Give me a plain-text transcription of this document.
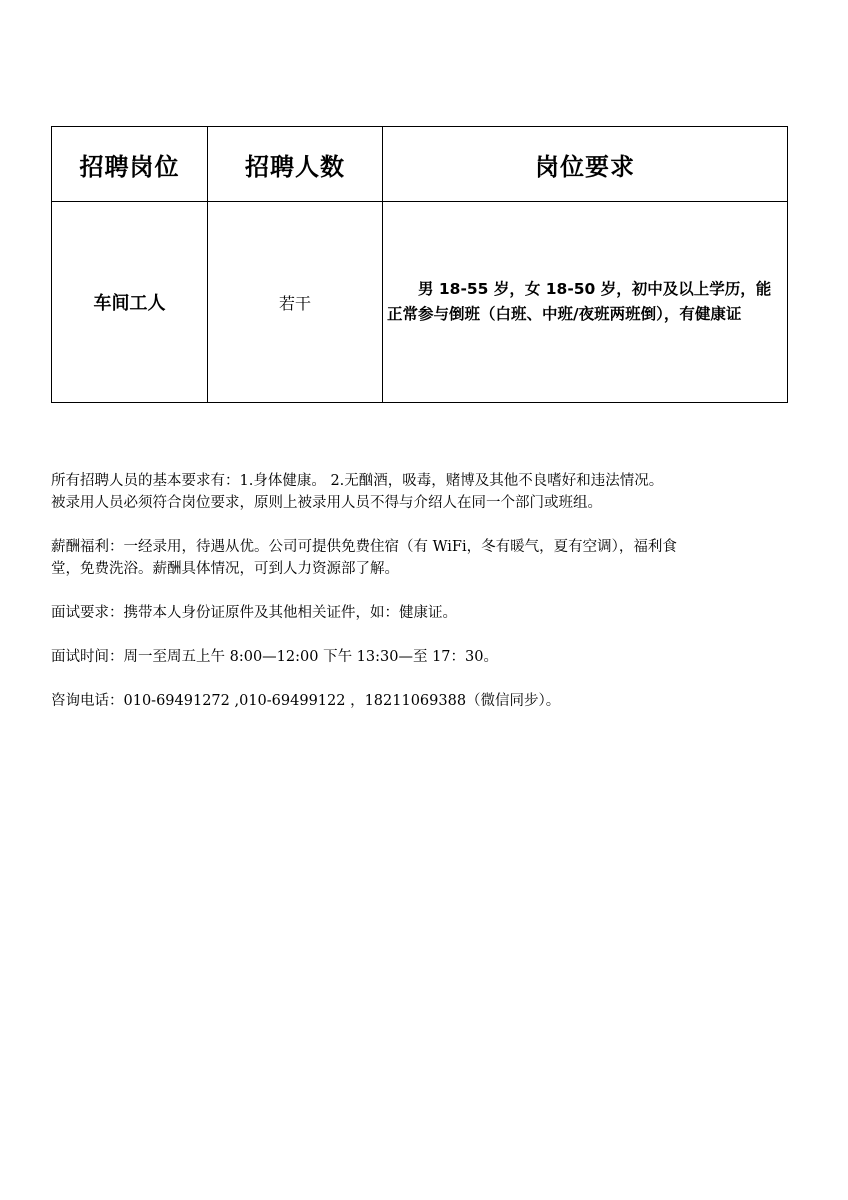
招聘岗位	招聘人数	岗位要求
车间工人	若干	男 18-55 岁，女 18-50 岁，初中及以上学历，能正常参与倒班（白班、中班/夜班两班倒），有健康证

所有招聘人员的基本要求有：1.身体健康。 2.无酗酒，吸毒，赌博及其他不良嗜好和违法情况。

被录用人员必须符合岗位要求，原则上被录用人员不得与介绍人在同一个部门或班组。

薪酬福利：一经录用，待遇从优。公司可提供免费住宿（有 WiFi，冬有暖气，夏有空调），福利食

堂，免费洗浴。薪酬具体情况，可到人力资源部了解。

面试要求：携带本人身份证原件及其他相关证件，如：健康证。

面试时间：周一至周五上午 8:00—12:00 下午 13:30—至 17：30。

咨询电话：010-69491272 ,010-69499122 ，18211069388（微信同步）。
